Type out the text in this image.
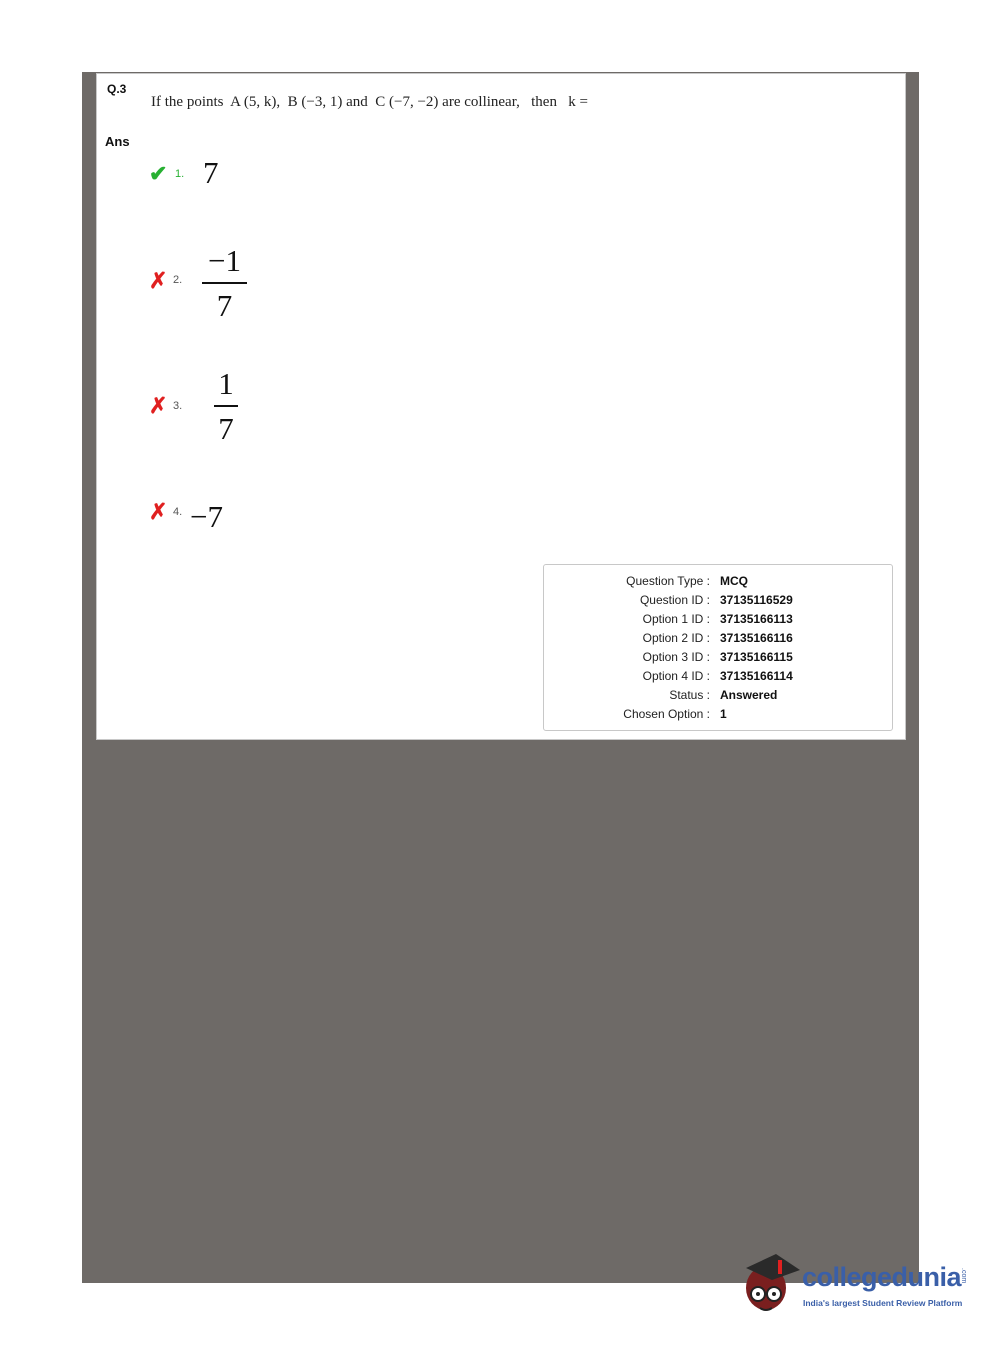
Q.3
If the points  A (5, k),  B (−3, 1) and  C (−7, −2) are collinear,   then   k =
Ans
✔ 1. 7
✗ 2.
−1
7
✗ 3.
1
7
✗ 4. −7
Question Type : MCQ
Question ID : 37135116529
Option 1 ID : 37135166113
Option 2 ID : 37135166116
Option 3 ID : 37135166115
Option 4 ID : 37135166114
Status : Answered
Chosen Option : 1
collegedunia
.com
India's largest Student Review Platform
